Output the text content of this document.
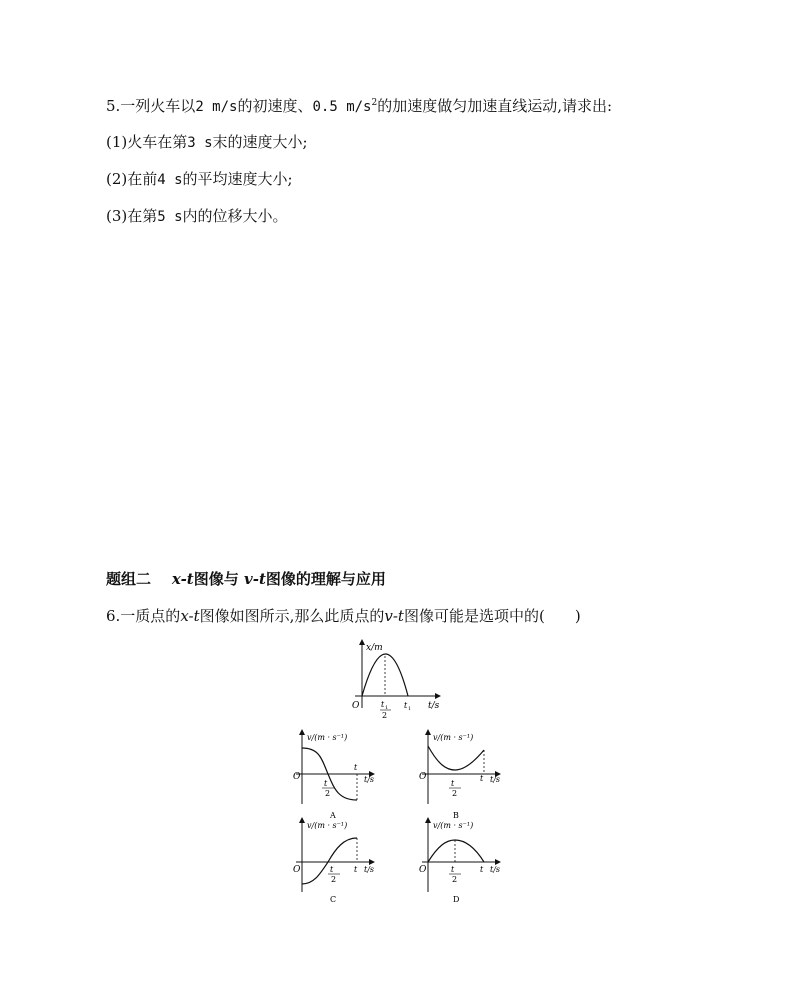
5.一列火车以2 m/s的初速度、0.5 $m/s^2$的加速度做匀加速直线运动,请求出:
(1)火车在第3 s末的速度大小;
(2)在前4 s的平均速度大小;
(3)在第5 s内的位移大小。
题组二 x-t图像与 v-t图像的理解与应用
6.一质点的x-t图像如图所示,那么此质点的v-t图像可能是选项中的(　　)
x/m
O	t 1
2
t 1 t/s
v/(m · s⁻¹)
O
t
2
t
t/s
A
v/(m · s⁻¹)
O
t
2
t t/s
B
v/(m · s⁻¹)
O	t
2
t t/s
C
v/(m · s⁻¹)
O	t
2
t t/s
D
